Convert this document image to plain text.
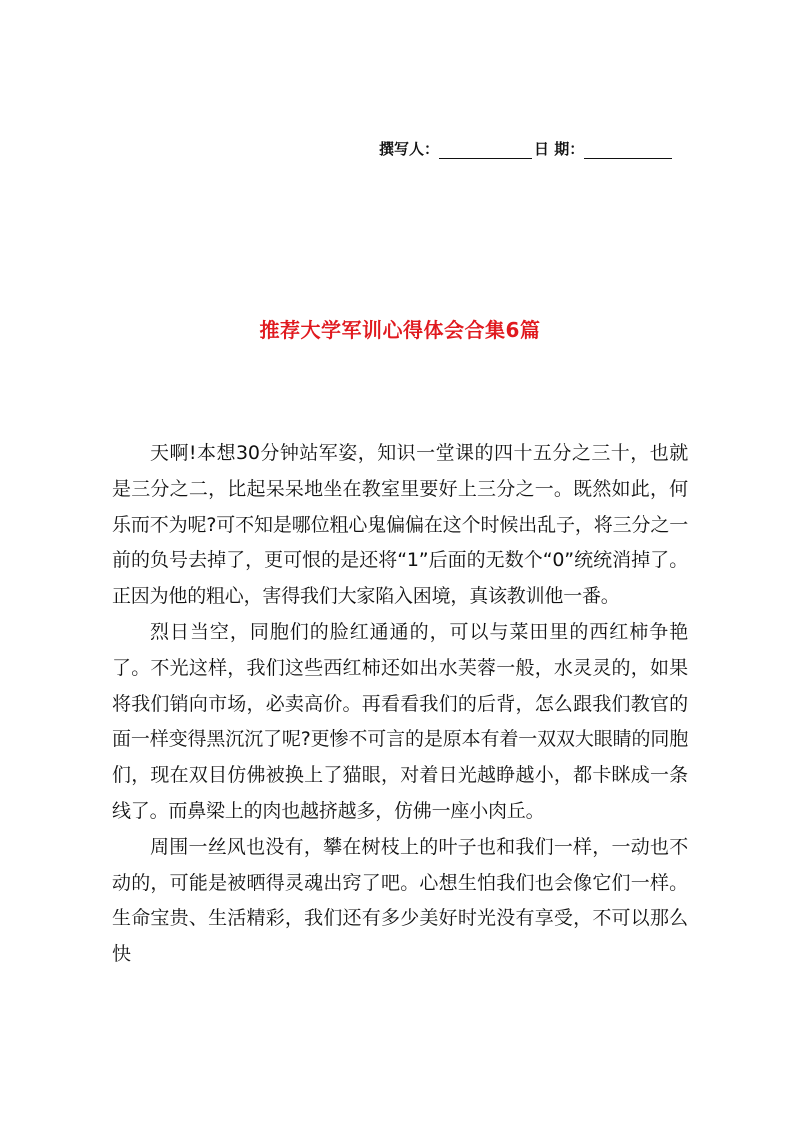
撰写人：	日 期：
推荐大学军训心得体会合集6篇

天啊!本想30分钟站军姿，知识一堂课的四十五分之三十，也就是三分之二，比起呆呆地坐在教室里要好上三分之一。既然如此，何乐而不为呢?可不知是哪位粗心鬼偏偏在这个时候出乱子，将三分之一前的负号去掉了，更可恨的是还将“1”后面的无数个“0”统统消掉了。正因为他的粗心，害得我们大家陷入困境，真该教训他一番。

烈日当空，同胞们的脸红通通的，可以与菜田里的西红柿争艳了。不光这样，我们这些西红柿还如出水芙蓉一般，水灵灵的，如果将我们销向市场，必卖高价。再看看我们的后背，怎么跟我们教官的面一样变得黑沉沉了呢?更惨不可言的是原本有着一双双大眼睛的同胞们，现在双目仿佛被换上了猫眼，对着日光越睁越小，都卡眯成一条线了。而鼻梁上的肉也越挤越多，仿佛一座小肉丘。

周围一丝风也没有，攀在树枝上的叶子也和我们一样，一动也不动的，可能是被晒得灵魂出窍了吧。心想生怕我们也会像它们一样。生命宝贵、生活精彩，我们还有多少美好时光没有享受，不可以那么快
